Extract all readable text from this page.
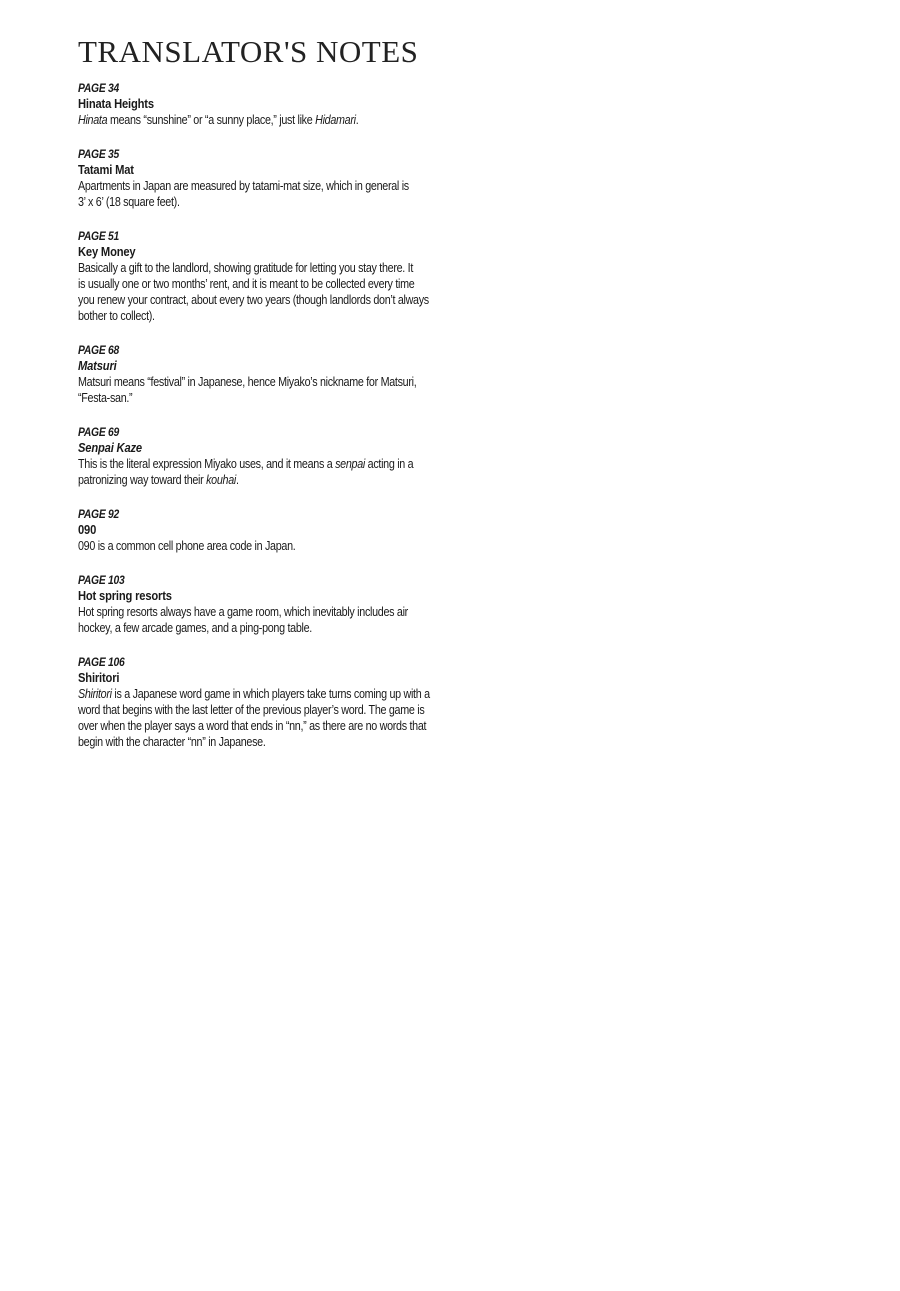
TRANSLATOR'S NOTES
PAGE 34
Hinata Heights
Hinata means “sunshine” or “a sunny place,” just like Hidamari.
PAGE 35
Tatami Mat
Apartments in Japan are measured by tatami-mat size, which in general is
3’ x 6’ (18 square feet).
PAGE 51
Key Money
Basically a gift to the landlord, showing gratitude for letting you stay there. It
is usually one or two months’ rent, and it is meant to be collected every time
you renew your contract, about every two years (though landlords don’t always
bother to collect).
PAGE 68
Matsuri
Matsuri means “festival” in Japanese, hence Miyako’s nickname for Matsuri,
“Festa-san.”
PAGE 69
Senpai Kaze
This is the literal expression Miyako uses, and it means a senpai acting in a
patronizing way toward their kouhai.
PAGE 92
090
090 is a common cell phone area code in Japan.
PAGE 103
Hot spring resorts
Hot spring resorts always have a game room, which inevitably includes air
hockey, a few arcade games, and a ping-pong table.
PAGE 106
Shiritori
Shiritori is a Japanese word game in which players take turns coming up with a
word that begins with the last letter of the previous player’s word. The game is
over when the player says a word that ends in “nn,” as there are no words that
begin with the character “nn” in Japanese.
